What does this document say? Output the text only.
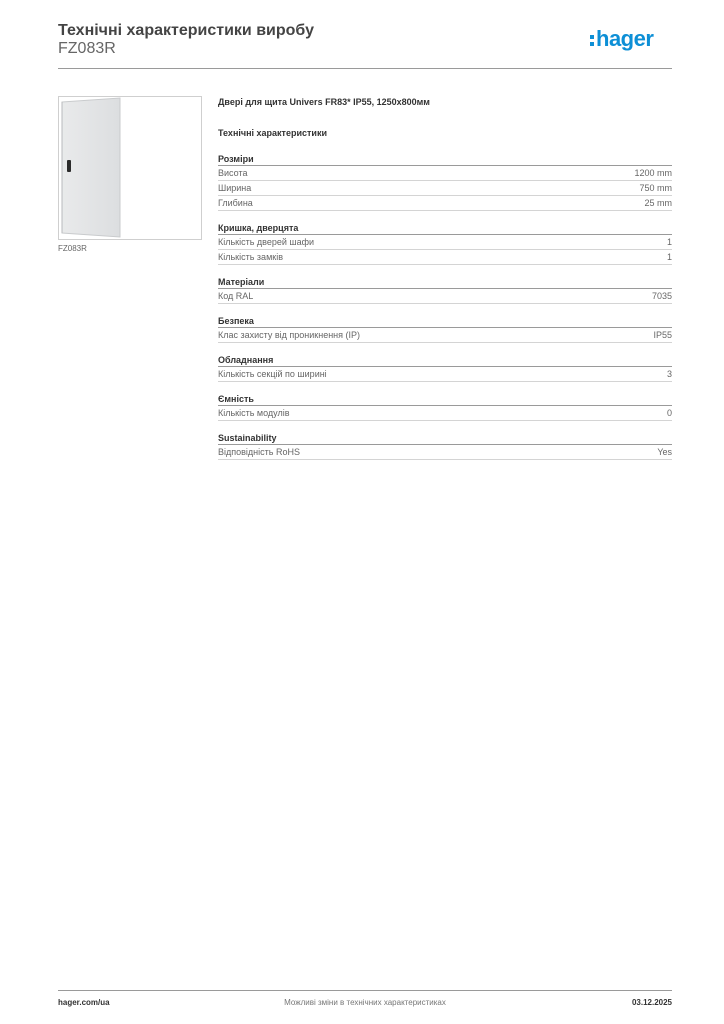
Технічні характеристики виробу
FZ083R	hager
FZ083R
Двері для щита Univers FR83* IP55, 1250x800мм
Технічні характеристики
Розміри
Висота	1200 mm
Ширина	750 mm
Глибина	25 mm
Кришка, дверцята
Кількість дверей шафи	1
Кількість замків	1
Матеріали
Код RAL	7035
Безпека
Клас захисту від проникнення (IP)	IP55
Обладнання
Кількість секцій по ширині	3
Ємність
Кількість модулів	0
Sustainability
Відповідність RoHS	Yes
Можливі зміни в технічних характеристиках
hager.com/ua	03.12.2025
